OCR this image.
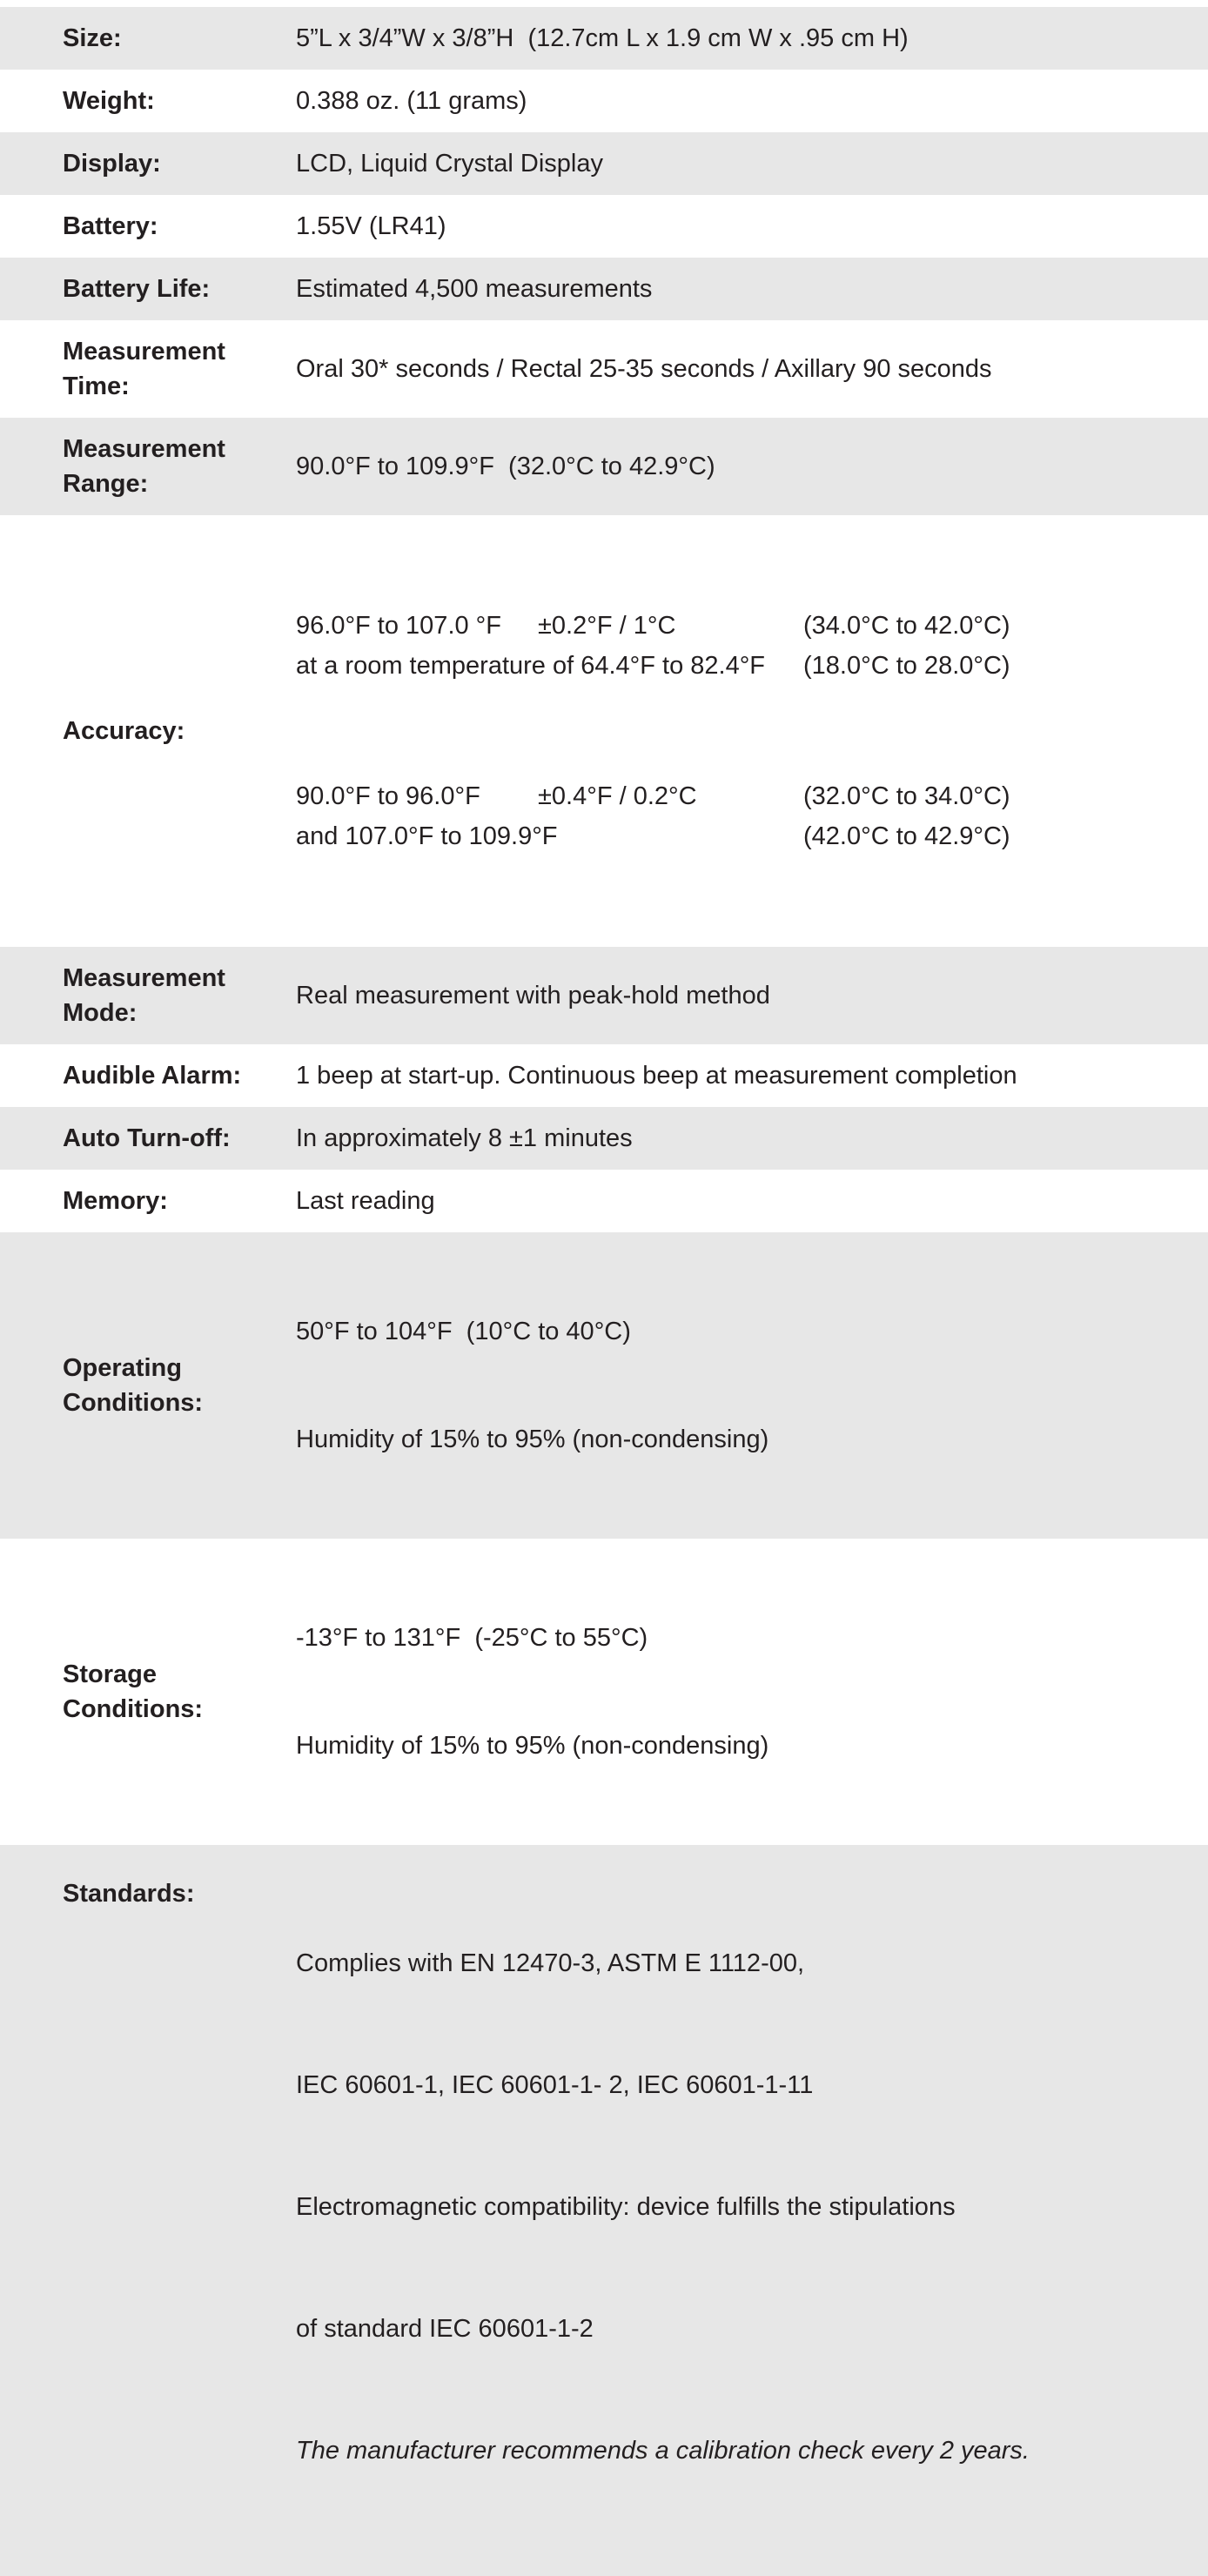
Size:	5”L x 3/4”W x 3/8”H  (12.7cm L x 1.9 cm W x .95 cm H)
Weight:	0.388 oz. (11 grams)
Display:	LCD, Liquid Crystal Display
Battery:	1.55V (LR41)
Battery Life:	Estimated 4,500 measurements
Measurement Time:
Oral 30* seconds / Rectal 25-35 seconds / Axillary 90 seconds
Measurement Range:
90.0°F to 109.9°F  (32.0°C to 42.9°C)
Accuracy:

96.0°F to 107.0 °F	±0.2°F / 1°C	(34.0°C to 42.0°C)
at a room temperature of 64.4°F to 82.4°F	(18.0°C to 28.0°C)

90.0°F to 96.0°F	±0.4°F / 0.2°C	(32.0°C to 34.0°C)
and 107.0°F to 109.9°F	(42.0°C to 42.9°C)

Measurement Mode:
Real measurement with peak-hold method
Audible Alarm:	1 beep at start-up. Continuous beep at measurement completion
Auto Turn-off:	In approximately 8 ±1 minutes
Memory:	Last reading
Operating Conditions:

50°F to 104°F  (10°C to 40°C)

Humidity of 15% to 95% (non-condensing)

Storage Conditions:

-13°F to 131°F  (-25°C to 55°C)

Humidity of 15% to 95% (non-condensing)

Standards:

Complies with EN 12470-3, ASTM E 1112-00,

IEC 60601-1, IEC 60601-1- 2, IEC 60601-1-11

Electromagnetic compatibility: device fulfills the stipulations

of standard IEC 60601-1-2

The manufacturer recommends a calibration check every 2 years.
